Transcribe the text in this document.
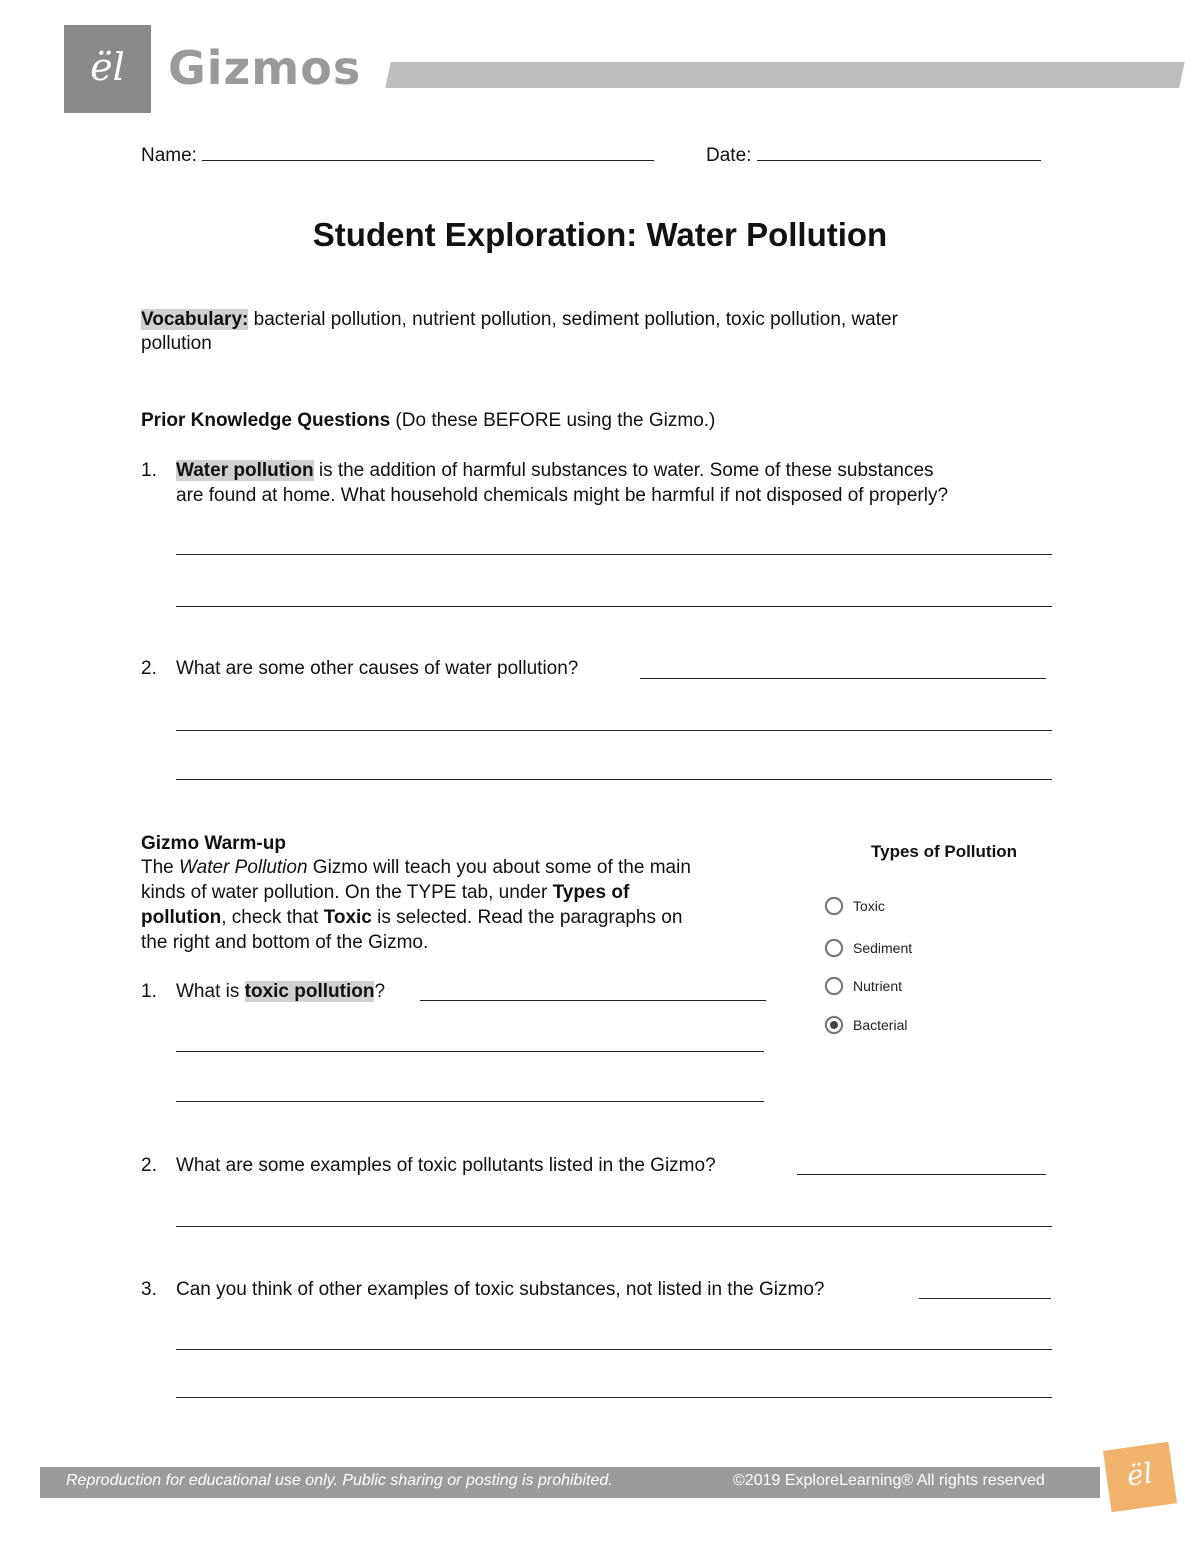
ël Gizmos
Name:	Date:
Student Exploration: Water Pollution
Vocabulary: bacterial pollution, nutrient pollution, sediment pollution, toxic pollution, water
pollution
Prior Knowledge Questions (Do these BEFORE using the Gizmo.)
1. Water pollution is the addition of harmful substances to water. Some of these substances
are found at home. What household chemicals might be harmful if not disposed of properly?
2. What are some other causes of water pollution?
Gizmo Warm-up
The Water Pollution Gizmo will teach you about some of the main
kinds of water pollution. On the TYPE tab, under Types of
pollution, check that Toxic is selected. Read the paragraphs on
the right and bottom of the Gizmo.
1. What is toxic pollution?
2. What are some examples of toxic pollutants listed in the Gizmo?
3. Can you think of other examples of toxic substances, not listed in the Gizmo?
Types of Pollution
Toxic
Sediment
Nutrient
Bacterial
Reproduction for educational use only. Public sharing or posting is prohibited.	©2019 ExploreLearning® All rights reserved	ël
